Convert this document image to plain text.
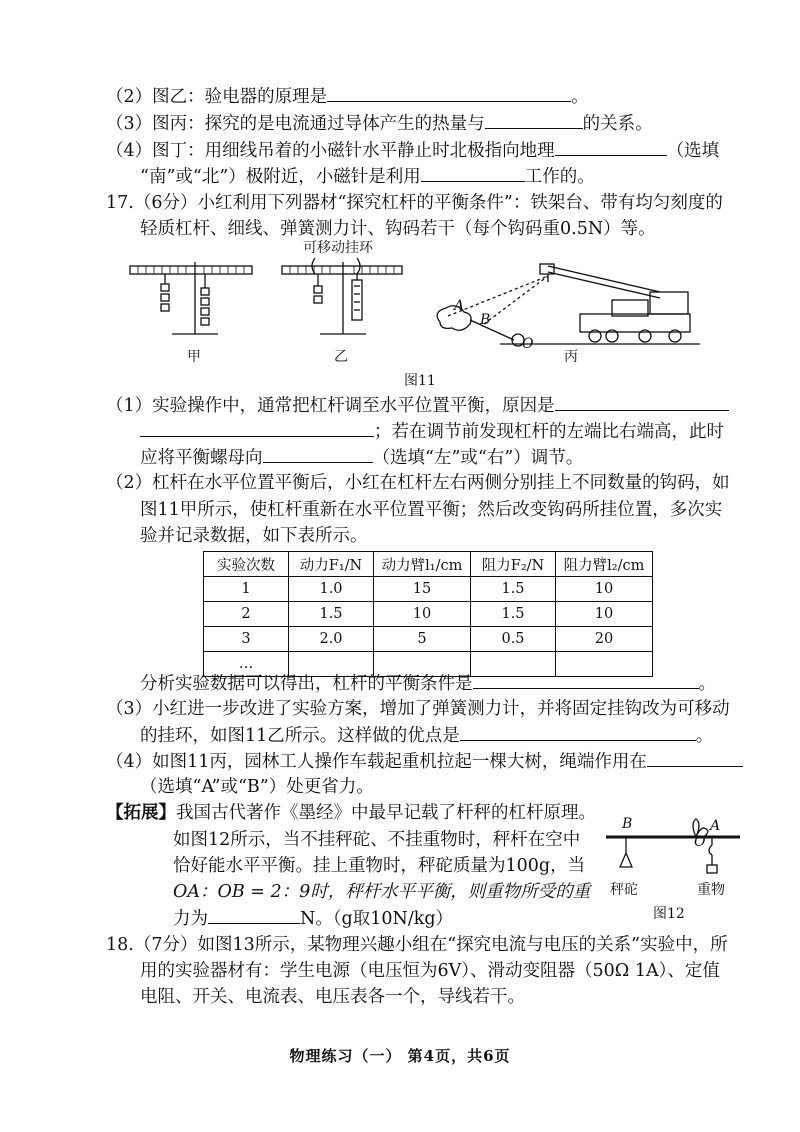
（2）图乙：验电器的原理是	。
（3）图丙：探究的是电流通过导体产生的热量与	的关系。
（4）图丁：用细线吊着的小磁针水平静止时北极指向地理	（选填
“南”或“北”）极附近，小磁针是利用	工作的。
17.（6分）小红利用下列器材“探究杠杆的平衡条件”：铁架台、带有均匀刻度的
轻质杠杆、细线、弹簧测力计、钩码若干（每个钩码重0.5N）等。
可移动挂环
A
B
O
甲	乙	丙
图11
（1）实验操作中，通常把杠杆调至水平位置平衡，原因是
；若在调节前发现杠杆的左端比右端高，此时
应将平衡螺母向	（选填“左”或“右”）调节。
（2）杠杆在水平位置平衡后，小红在杠杆左右两侧分别挂上不同数量的钩码，如
图11甲所示，使杠杆重新在水平位置平衡；然后改变钩码所挂位置，多次实
验并记录数据，如下表所示。
实验次数	动力F₁/N	动力臂l₁/cm	阻力F₂/N	阻力臂l₂/cm
1	1.0	15	1.5	10
2	1.5	10	1.5	10
3	2.0	5	0.5	20
…				
分析实验数据可以得出，杠杆的平衡条件是	。
（3）小红进一步改进了实验方案，增加了弹簧测力计，并将固定挂钩改为可移动
的挂环，如图11乙所示。这样做的优点是	。
（4）如图11丙，园林工人操作车载起重机拉起一棵大树，绳端作用在
（选填“A”或“B”）处更省力。
【拓展】我国古代著作《墨经》中最早记载了杆秤的杠杆原理。
如图12所示，当不挂秤砣、不挂重物时，秤杆在空中
恰好能水平平衡。挂上重物时，秤砣质量为100g，当
OA：OB = 2：9时，秤杆水平平衡，则重物所受的重
力为	N。（g取10N/kg）
B	A
O
秤砣	重物
图12
18.（7分）如图13所示，某物理兴趣小组在“探究电流与电压的关系”实验中，所
用的实验器材有：学生电源（电压恒为6V）、滑动变阻器（50Ω 1A）、定值
电阻、开关、电流表、电压表各一个，导线若干。
物理练习（一） 第4页，共6页
